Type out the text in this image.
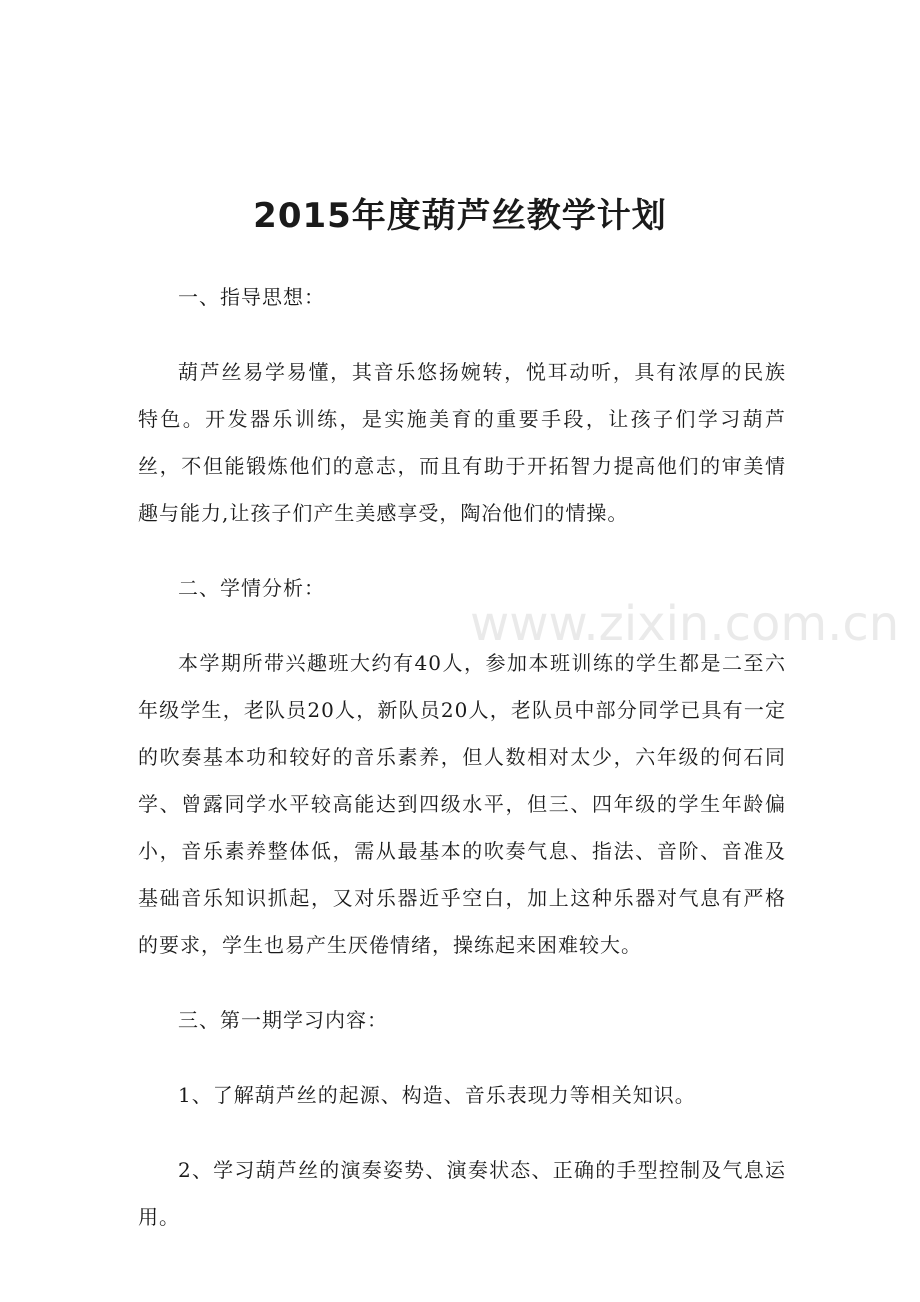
2015年度葫芦丝教学计划

一、指导思想：

葫芦丝易学易懂，其音乐悠扬婉转，悦耳动听，具有浓厚的民族特色。开发器乐训练，是实施美育的重要手段，让孩子们学习葫芦丝，不但能锻炼他们的意志，而且有助于开拓智力提高他们的审美情趣与能力,让孩子们产生美感享受，陶冶他们的情操。

二、学情分析：

本学期所带兴趣班大约有40人，参加本班训练的学生都是二至六年级学生，老队员20人，新队员20人，老队员中部分同学已具有一定的吹奏基本功和较好的音乐素养，但人数相对太少，六年级的何石同学、曾露同学水平较高能达到四级水平，但三、四年级的学生年龄偏小，音乐素养整体低，需从最基本的吹奏气息、指法、音阶、音准及基础音乐知识抓起，又对乐器近乎空白，加上这种乐器对气息有严格的要求，学生也易产生厌倦情绪，操练起来困难较大。

三、第一期学习内容：

1、了解葫芦丝的起源、构造、音乐表现力等相关知识。

2、学习葫芦丝的演奏姿势、演奏状态、正确的手型控制及气息运用。

www.zixin.com.cn
